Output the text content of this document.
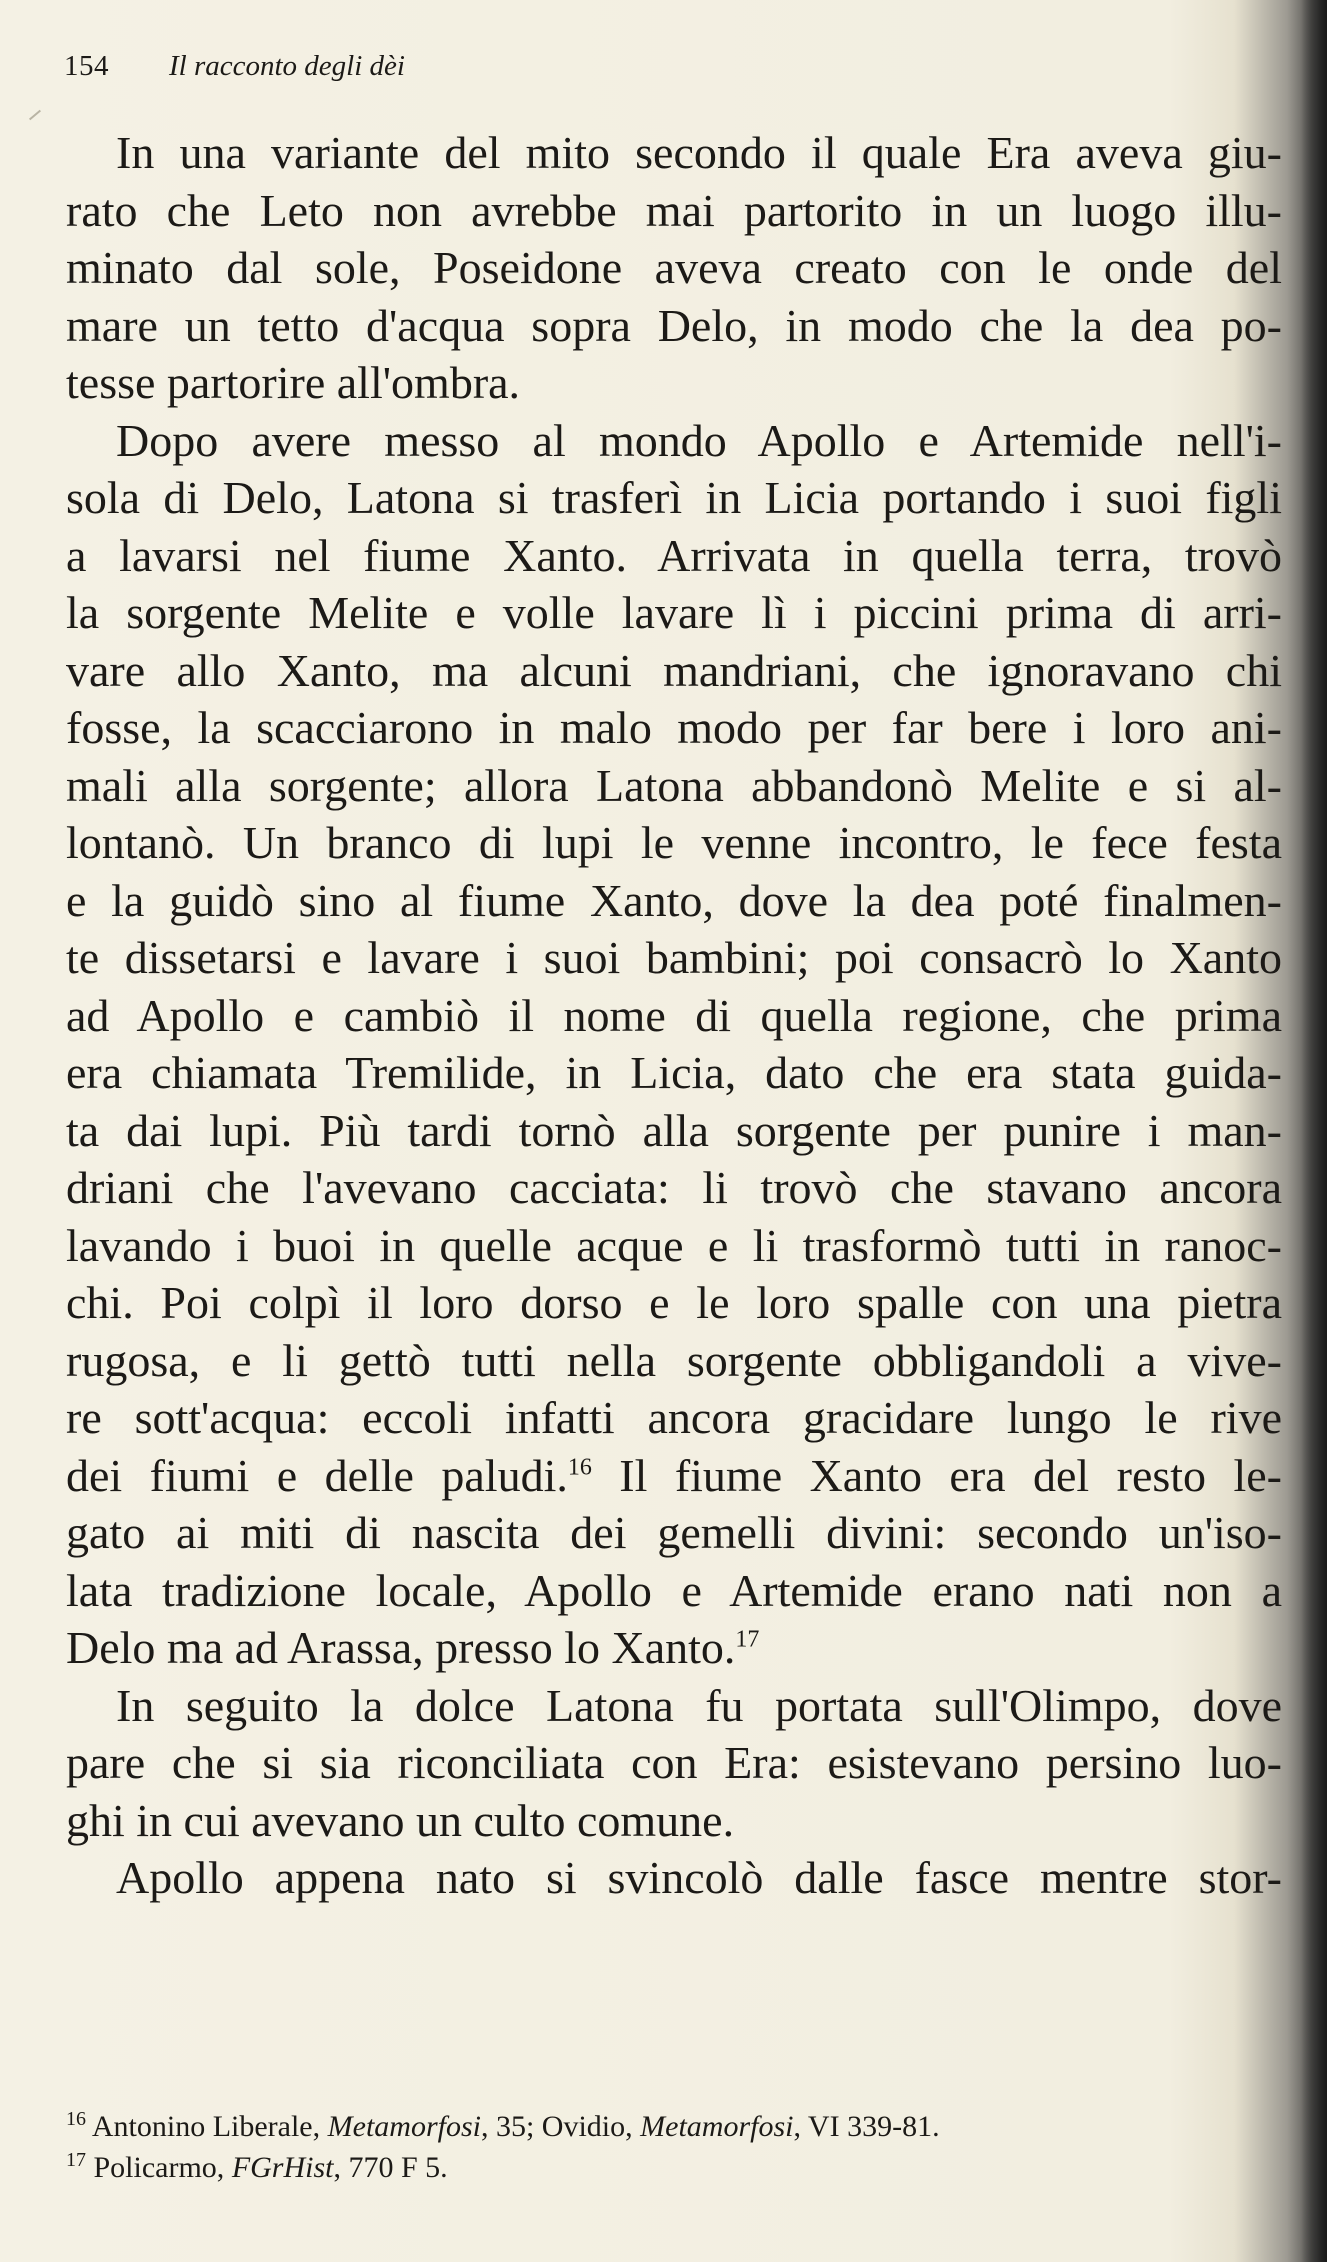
154 Il racconto degli dèi
In una variante del mito secondo il quale Era aveva giu-
rato che Leto non avrebbe mai partorito in un luogo illu-
minato dal sole, Poseidone aveva creato con le onde del
mare un tetto d'acqua sopra Delo, in modo che la dea po-
tesse partorire all'ombra.
Dopo avere messo al mondo Apollo e Artemide nell'i-
sola di Delo, Latona si trasferì in Licia portando i suoi figli
a lavarsi nel fiume Xanto. Arrivata in quella terra, trovò
la sorgente Melite e volle lavare lì i piccini prima di arri-
vare allo Xanto, ma alcuni mandriani, che ignoravano chi
fosse, la scacciarono in malo modo per far bere i loro ani-
mali alla sorgente; allora Latona abbandonò Melite e si al-
lontanò. Un branco di lupi le venne incontro, le fece festa
e la guidò sino al fiume Xanto, dove la dea poté finalmen-
te dissetarsi e lavare i suoi bambini; poi consacrò lo Xanto
ad Apollo e cambiò il nome di quella regione, che prima
era chiamata Tremilide, in Licia, dato che era stata guida-
ta dai lupi. Più tardi tornò alla sorgente per punire i man-
driani che l'avevano cacciata: li trovò che stavano ancora
lavando i buoi in quelle acque e li trasformò tutti in ranoc-
chi. Poi colpì il loro dorso e le loro spalle con una pietra
rugosa, e li gettò tutti nella sorgente obbligandoli a vive-
re sott'acqua: eccoli infatti ancora gracidare lungo le rive
dei fiumi e delle paludi.$^{16}$ Il fiume Xanto era del resto le-
gato ai miti di nascita dei gemelli divini: secondo un'iso-
lata tradizione locale, Apollo e Artemide erano nati non a
Delo ma ad Arassa, presso lo Xanto.$^{17}$
In seguito la dolce Latona fu portata sull'Olimpo, dove
pare che si sia riconciliata con Era: esistevano persino luo-
ghi in cui avevano un culto comune.
Apollo appena nato si svincolò dalle fasce mentre stor-
$^{16}$ Antonino Liberale, Metamorfosi, 35; Ovidio, Metamorfosi, VI 339-81.
$^{17}$ Policarmo, FGrHist, 770 F 5.
